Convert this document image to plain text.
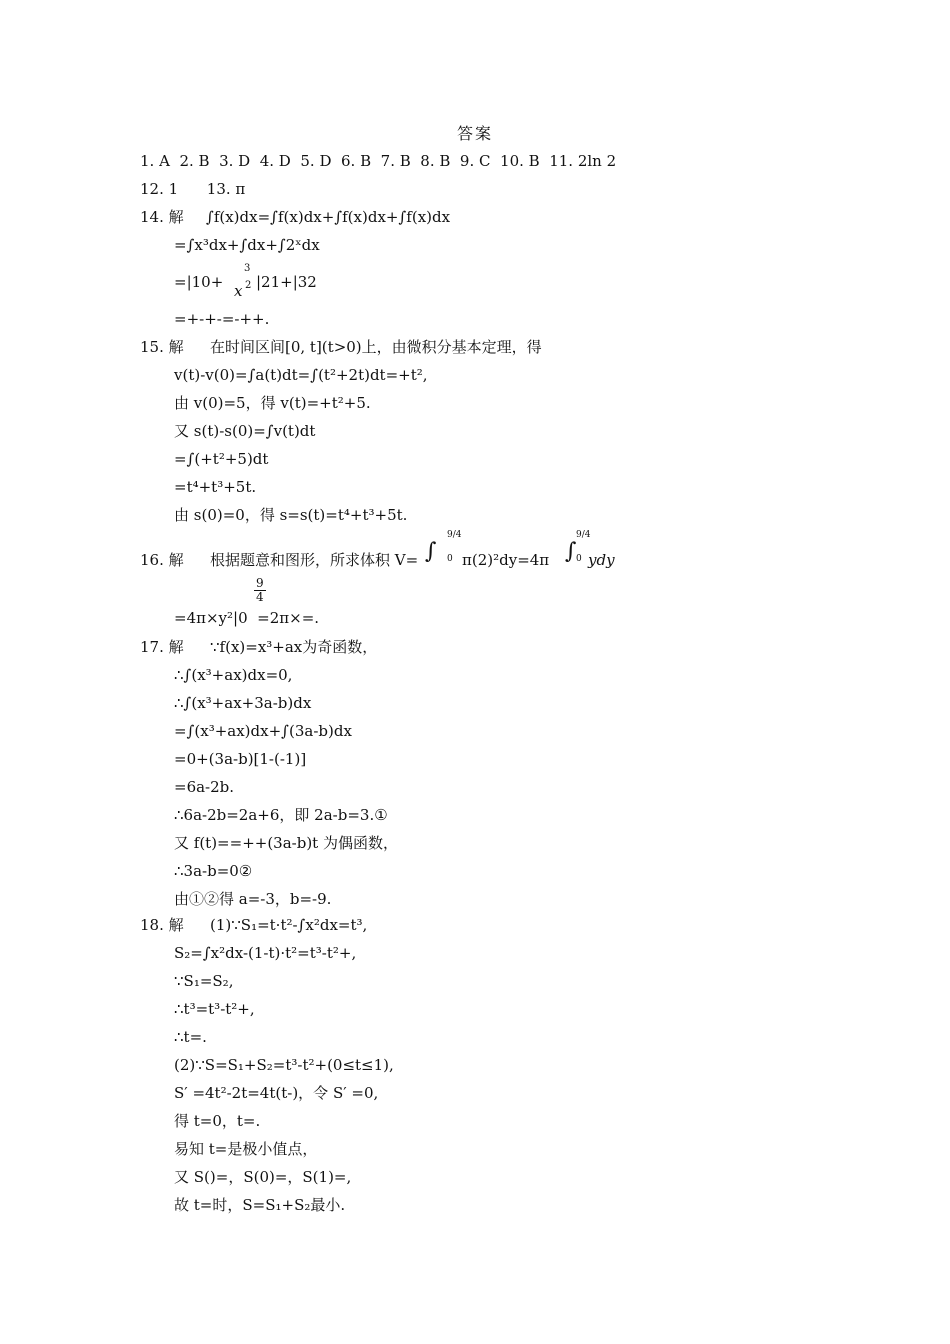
答案
1. A  2. B  3. D  4. D  5. D  6. B  7. B  8. B  9. C  10. B  11. 2ln 2
12. 1      13. π
14. 解 ∫f(x)dx=∫f(x)dx+∫f(x)dx+∫f(x)dx
=∫x³dx+∫dx+∫2ˣdx
=|10+
3
x 2 |21+|32
=+-+-=-++.
15. 解 在时间区间[0, t](t>0)上，由微积分基本定理，得
v(t)-v(0)=∫a(t)dt=∫(t²+2t)dt=+t²,
由 v(0)=5，得 v(t)=+t²+5.
又 s(t)-s(0)=∫v(t)dt
=∫(+t²+5)dt
=t⁴+t³+5t.
由 s(0)=0，得 s=s(t)=t⁴+t³+5t.
16. 解 根据题意和图形，所求体积 V= ∫
9/4
0 π(2)²dy=4π ∫
9/4
0 ydy
9
4
=4π×y²|0  =2π×=.
17. 解 ∵f(x)=x³+ax为奇函数，
∴∫(x³+ax)dx=0,
∴∫(x³+ax+3a-b)dx
=∫(x³+ax)dx+∫(3a-b)dx
=0+(3a-b)[1-(-1)]
=6a-2b.
∴6a-2b=2a+6，即 2a-b=3.①
又 f(t)==++(3a-b)t 为偶函数，
∴3a-b=0②
由①②得 a=-3，b=-9.
18. 解 (1)∵S₁=t·t²-∫x²dx=t³,
S₂=∫x²dx-(1-t)·t²=t³-t²+,
∵S₁=S₂,
∴t³=t³-t²+,
∴t=.
(2)∵S=S₁+S₂=t³-t²+(0≤t≤1),
S′ =4t²-2t=4t(t-)，令 S′ =0,
得 t=0，t=.
易知 t=是极小值点，
又 S()=，S(0)=，S(1)=,
故 t=时，S=S₁+S₂最小.
